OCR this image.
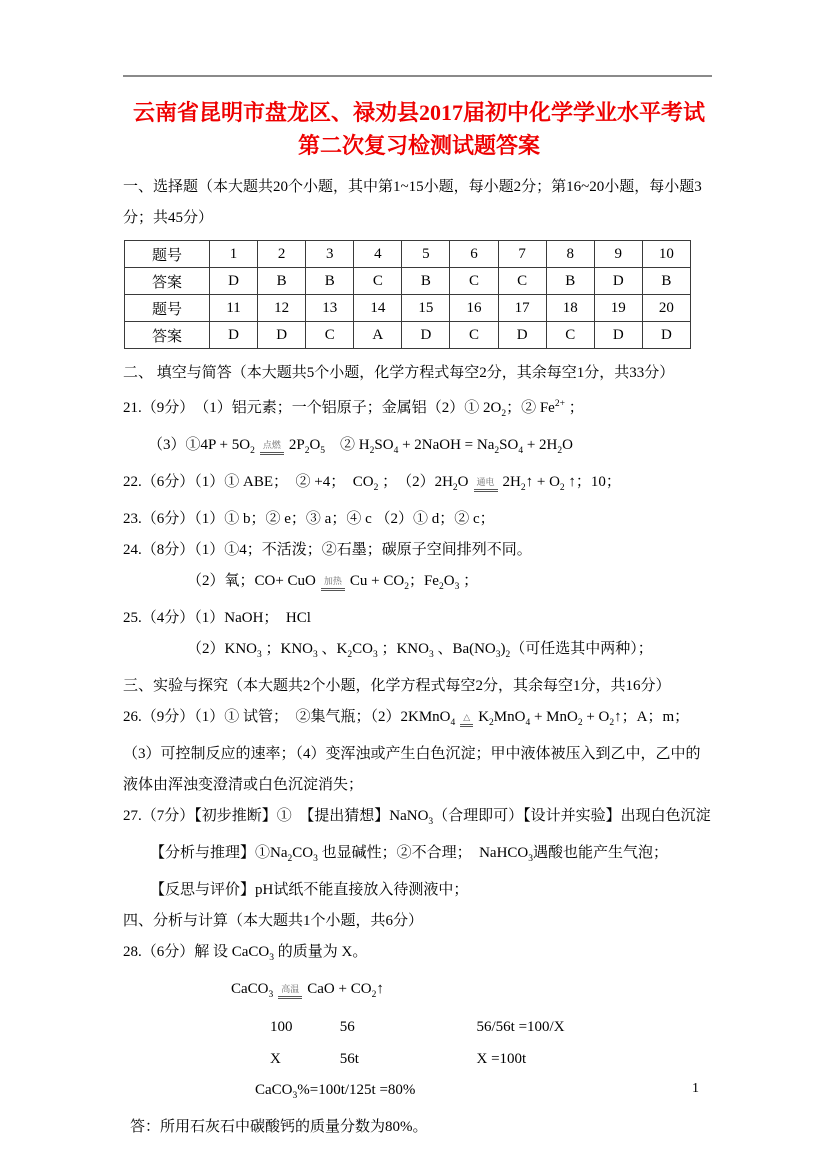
云南省昆明市盘龙区、禄劝县2017届初中化学学业水平考试第二次复习检测试题答案

一、选择题（本大题共20个小题，其中第1~15小题，每小题2分；第16~20小题，每小题3分；共45分）

题号	1	2	3	4	5	6	7	8	9	10
答案	D	B	B	C	B	C	C	B	D	B
题号	11	12	13	14	15	16	17	18	19	20
答案	D	D	C	A	D	C	D	C	D	D

二、 填空与简答（本大题共5个小题，化学方程式每空2分，其余每空1分，共33分）

21.（9分）　（1）铝元素；一个铝原子；金属铝（2）① $2O_2$；② $Fe^{2+}$ ；
（3）①4P + $5O_2$点燃 $2P_2O_5$　② $H_2SO_4$ + 2NaOH = $Na_2SO_4 + 2H_2O$
22.（6分）（1）① ABE；　② +4；　$CO_2$ ；　$(2)2H_2O$ 通电 $2H_2↑ + O_2$ ↑；10；
23.（6分）（1）① b；② e；③ a；④ c （2）① d；② c；
24.（8分）（1）①4；不活泼；②石墨；碳原子空间排列不同。
（2）氧；CO+ CuO 加热 $Cu + CO_2$；$Fe_2O_3$ ；
25.（4分）（1）NaOH；　HCl
$(2)KNO_3$ ；$KNO_3$ 、$K_2CO_3$ ；$KNO_3$ 、$Ba(NO_3)_2$（可任选其中两种）；

三、实验与探究（本大题共2个小题，化学方程式每空2分，其余每空1分，共16分）

26.（9分）（1）① 试管；　②集气瓶；（2）2KMnO$_4$△ $K_2MnO_4 + MnO_2$ + $O_2↑$；A；m；
（3）可控制反应的速率；（4）变浑浊或产生白色沉淀；甲中液体被压入到乙中，乙中的液体由浑浊变澄清或白色沉淀消失；
27.（7分）【初步推断】①　【提出猜想】NaNO$_3$（合理即可）【设计并实验】出现白色沉淀
【分析与推理】$①Na_2CO_3$ 也显碱性；②不合理；　NaHCO$_3$遇酸也能产生气泡；
【反思与评价】pH试纸不能直接放入待测液中；

四、分析与计算（本大题共1个小题，共6分）

28.（6分）解 设 CaCO$_3$ 的质量为 X。
CaCO$_3$高温 CaO + $CO_2↑$
100	56	56/56t =100/X
X	56t	X =100t
CaCO$_3$%=100t/125t =80%
答：所用石灰石中碳酸钙的质量分数为80%。
1
